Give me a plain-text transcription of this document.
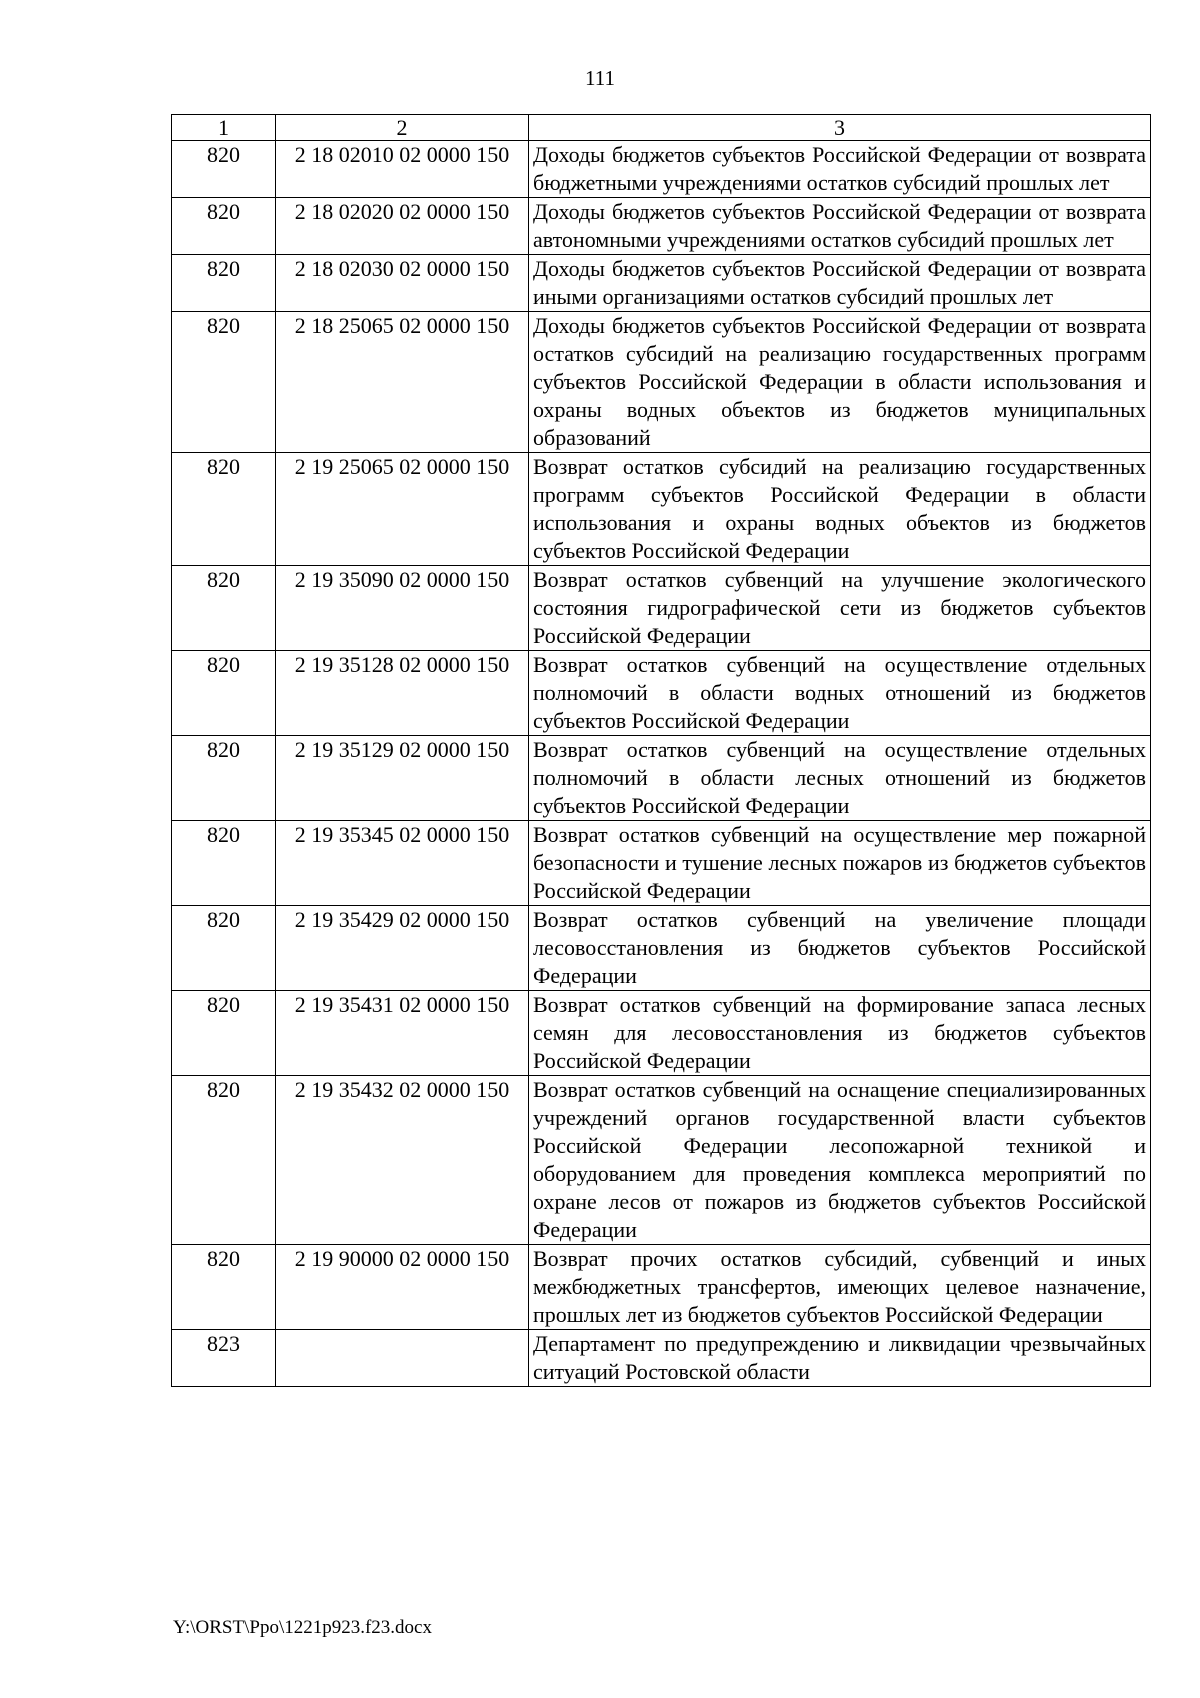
111
1	2	3
820	2 18 02010 02 0000 150	Доходы бюджетов субъектов Российской Федерации от возврата бюджетными учреждениями остатков субсидий прошлых лет
820	2 18 02020 02 0000 150	Доходы бюджетов субъектов Российской Федерации от возврата автономными учреждениями остатков субсидий прошлых лет
820	2 18 02030 02 0000 150	Доходы бюджетов субъектов Российской Федерации от возврата иными организациями остатков субсидий прошлых лет
820	2 18 25065 02 0000 150	Доходы бюджетов субъектов Российской Федерации от возврата остатков субсидий на реализацию государственных программ субъектов Российской Федерации в области использования и охраны водных объектов из бюджетов муниципальных образований
820	2 19 25065 02 0000 150	Возврат остатков субсидий на реализацию государственных программ субъектов Российской Федерации в области использования и охраны водных объектов из бюджетов субъектов Российской Федерации
820	2 19 35090 02 0000 150	Возврат остатков субвенций на улучшение экологического состояния гидрографической сети из бюджетов субъектов Российской Федерации
820	2 19 35128 02 0000 150	Возврат остатков субвенций на осуществление отдельных полномочий в области водных отношений из бюджетов субъектов Российской Федерации
820	2 19 35129 02 0000 150	Возврат остатков субвенций на осуществление отдельных полномочий в области лесных отношений из бюджетов субъектов Российской Федерации
820	2 19 35345 02 0000 150	Возврат остатков субвенций на осуществление мер пожарной безопасности и тушение лесных пожаров из бюджетов субъектов Российской Федерации
820	2 19 35429 02 0000 150	Возврат остатков субвенций на увеличение площади лесовосстановления из бюджетов субъектов Российской Федерации
820	2 19 35431 02 0000 150	Возврат остатков субвенций на формирование запаса лесных семян для лесовосстановления из бюджетов субъектов Российской Федерации
820	2 19 35432 02 0000 150	Возврат остатков субвенций на оснащение специализированных учреждений органов государственной власти субъектов Российской Федерации лесопожарной техникой и оборудованием для проведения комплекса мероприятий по охране лесов от пожаров из бюджетов субъектов Российской Федерации
820	2 19 90000 02 0000 150	Возврат прочих остатков субсидий, субвенций и иных межбюджетных трансфертов, имеющих целевое назначение, прошлых лет из бюджетов субъектов Российской Федерации
823		Департамент по предупреждению и ликвидации чрезвычайных ситуаций Ростовской области
Y:\ORST\Ppo\1221p923.f23.docx
